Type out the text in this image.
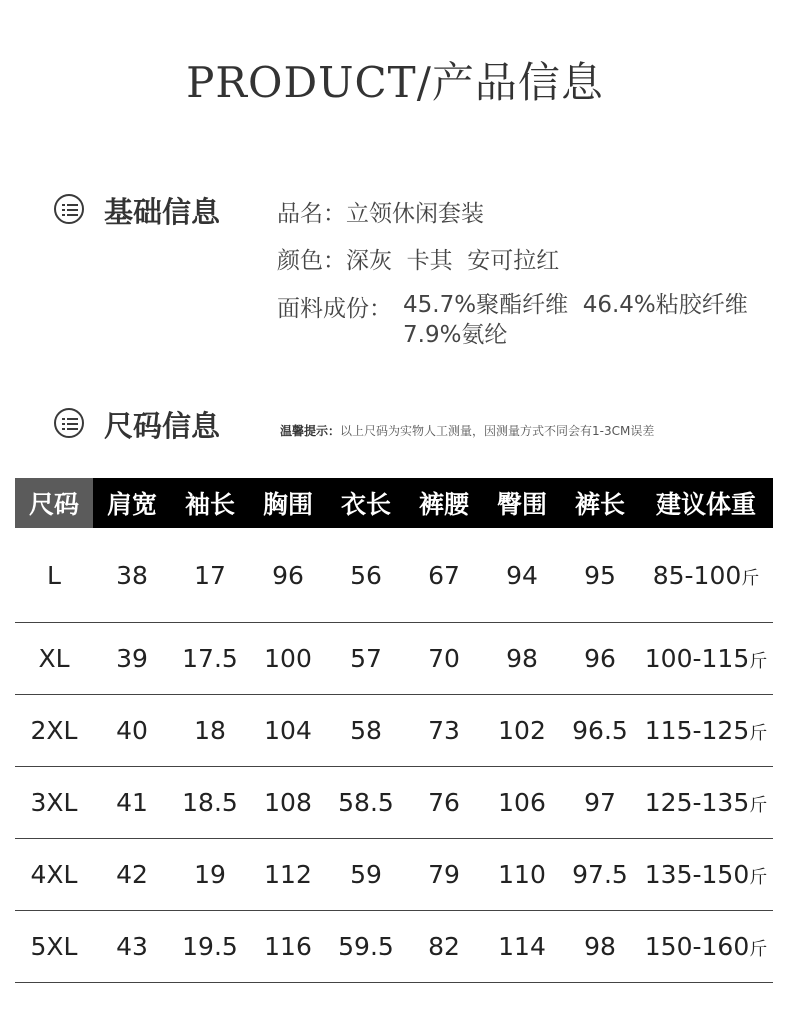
PRODUCT/产品信息
基础信息 品名：立领休闲套装
颜色：深灰  卡其  安可拉红
面料成份： 45.7%聚酯纤维  46.4%粘胶纤维  7.9%氨纶
尺码信息	温馨提示：以上尺码为实物人工测量，因测量方式不同会有1-3CM误差
尺码	肩宽	袖长	胸围	衣长	裤腰	臀围	裤长	建议体重
L	38	17	96	56	67	94	95	85-100斤
XL	39	17.5	100	57	70	98	96	100-115斤
2XL	40	18	104	58	73	102	96.5	115-125斤
3XL	41	18.5	108	58.5	76	106	97	125-135斤
4XL	42	19	112	59	79	110	97.5	135-150斤
5XL	43	19.5	116	59.5	82	114	98	150-160斤
